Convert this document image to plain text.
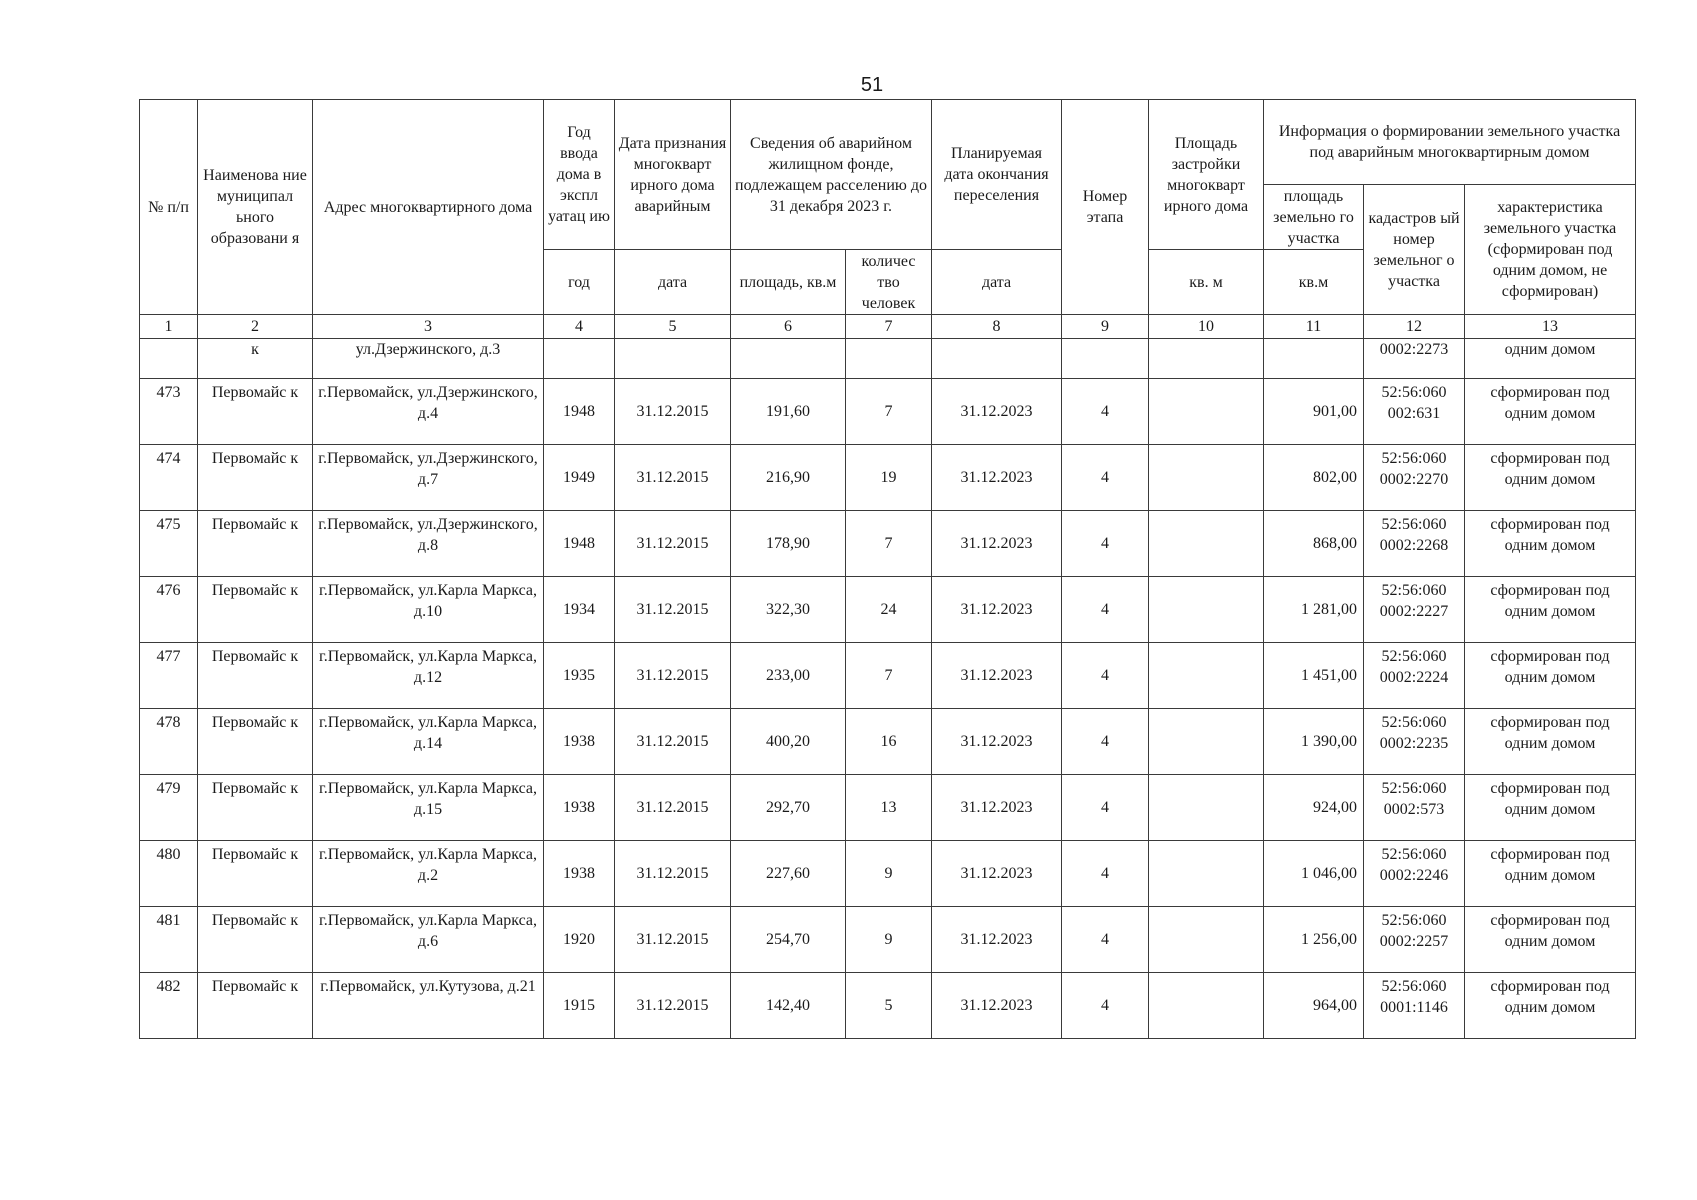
51
№ п/п	Наименова ние муниципал ьного образовани я	Адрес многоквартирного дома	Год ввода дома в экспл уатац ию	Дата признания многокварт ирного дома аварийным	Сведения об аварийном жилищном фонде, подлежащем расселению до 31 декабря 2023 г.		Планируемая дата окончания переселения	Номер этапа	Площадь застройки многокварт ирного дома	Информация о формировании земельного участка под аварийным многоквартирным домом		
										площадь земельно го участка	кадастров ый номер земельног о участка	характеристика земельного участка (сформирован под одним домом, не сформирован)
			год	дата	площадь, кв.м	количес тво человек	дата		кв. м	кв.м		
1	2	3	4	5	6	7	8	9	10	11	12	13
	к	ул.Дзержинского, д.3									0002:2273	одним домом
473	Первомайс к	г.Первомайск, ул.Дзержинского, д.4	1948	31.12.2015	191,60	7	31.12.2023	4		901,00	52:56:060 002:631	сформирован под одним домом
474	Первомайс к	г.Первомайск, ул.Дзержинского, д.7	1949	31.12.2015	216,90	19	31.12.2023	4		802,00	52:56:060 0002:2270	сформирован под одним домом
475	Первомайс к	г.Первомайск, ул.Дзержинского, д.8	1948	31.12.2015	178,90	7	31.12.2023	4		868,00	52:56:060 0002:2268	сформирован под одним домом
476	Первомайс к	г.Первомайск, ул.Карла Маркса, д.10	1934	31.12.2015	322,30	24	31.12.2023	4		1 281,00	52:56:060 0002:2227	сформирован под одним домом
477	Первомайс к	г.Первомайск, ул.Карла Маркса, д.12	1935	31.12.2015	233,00	7	31.12.2023	4		1 451,00	52:56:060 0002:2224	сформирован под одним домом
478	Первомайс к	г.Первомайск, ул.Карла Маркса, д.14	1938	31.12.2015	400,20	16	31.12.2023	4		1 390,00	52:56:060 0002:2235	сформирован под одним домом
479	Первомайс к	г.Первомайск, ул.Карла Маркса, д.15	1938	31.12.2015	292,70	13	31.12.2023	4		924,00	52:56:060 0002:573	сформирован под одним домом
480	Первомайс к	г.Первомайск, ул.Карла Маркса, д.2	1938	31.12.2015	227,60	9	31.12.2023	4		1 046,00	52:56:060 0002:2246	сформирован под одним домом
481	Первомайс к	г.Первомайск, ул.Карла Маркса, д.6	1920	31.12.2015	254,70	9	31.12.2023	4		1 256,00	52:56:060 0002:2257	сформирован под одним домом
482	Первомайс к	г.Первомайск, ул.Кутузова, д.21	1915	31.12.2015	142,40	5	31.12.2023	4		964,00	52:56:060 0001:1146	сформирован под одним домом
